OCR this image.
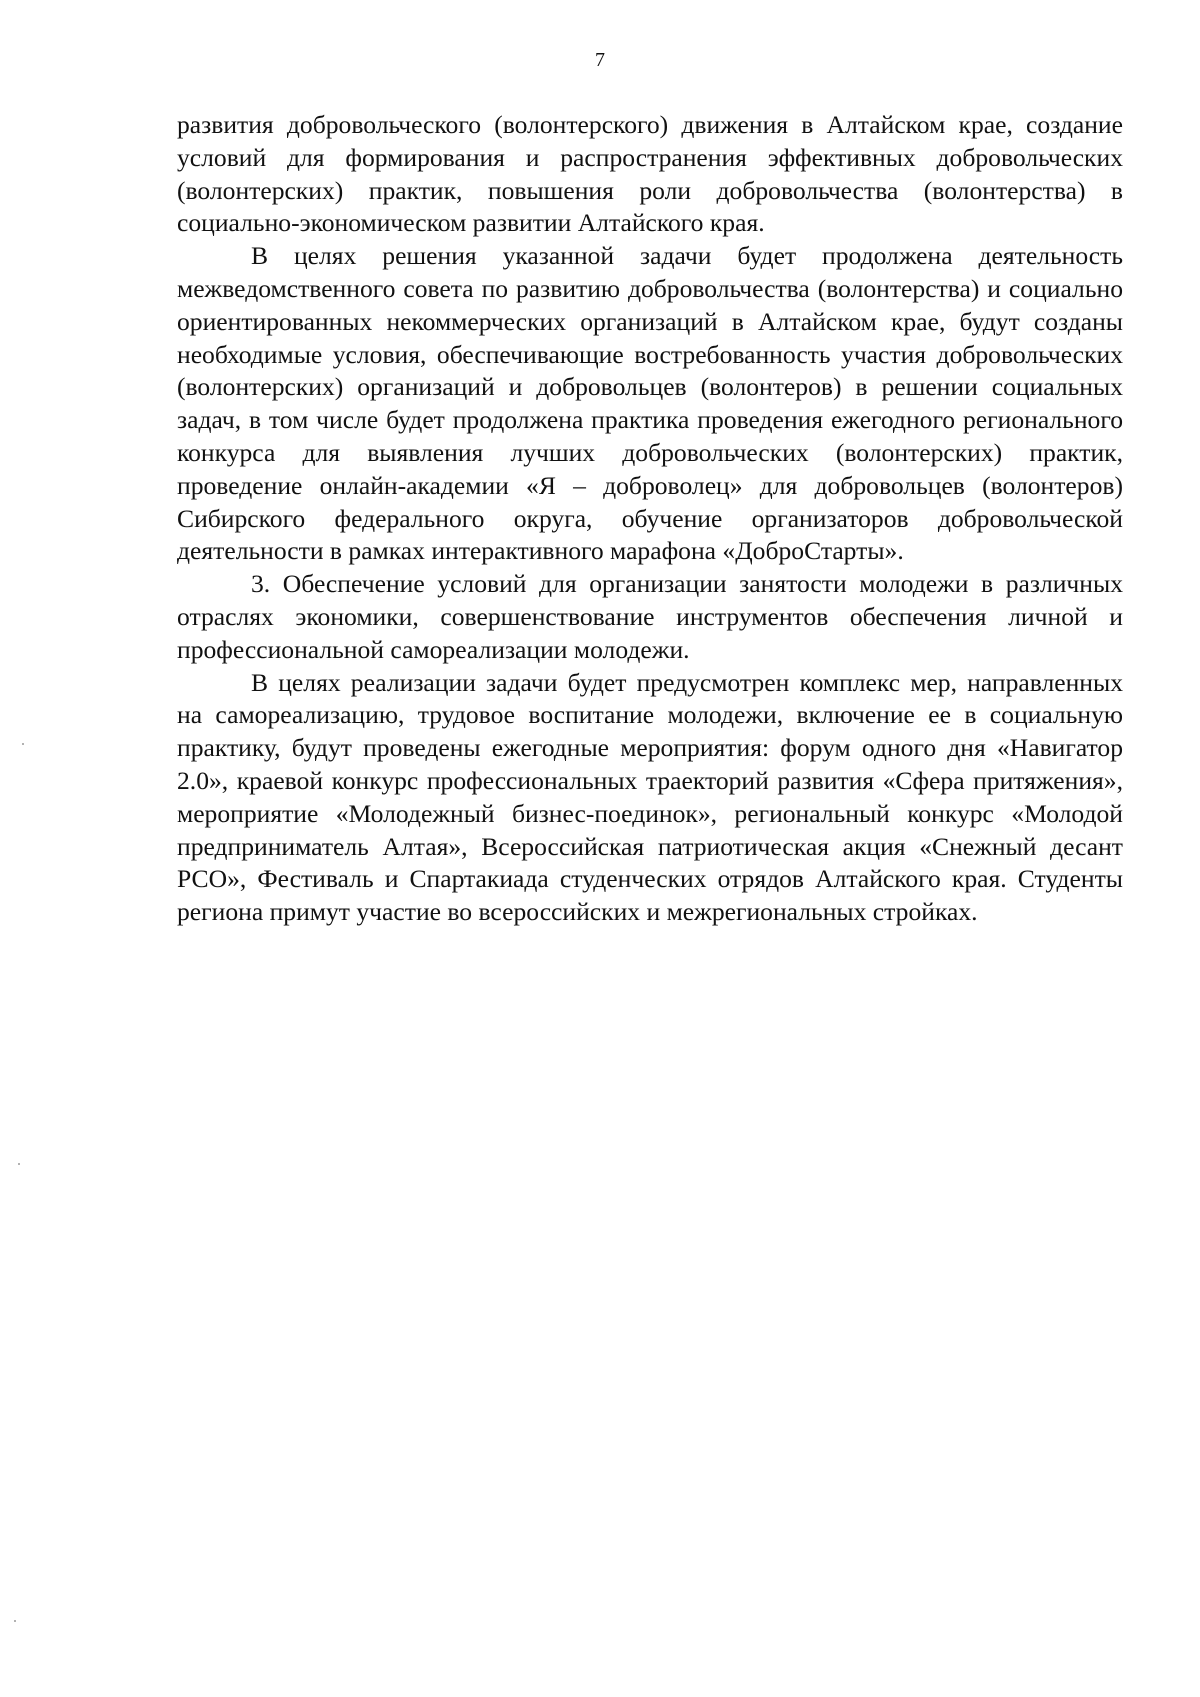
7

развития добровольческого (волонтерского) движения в Алтайском крае, создание условий для формирования и распространения эффективных добровольческих (волонтерских) практик, повышения роли добровольчества (волонтерства) в социально-экономическом развитии Алтайского края.

В целях решения указанной задачи будет продолжена деятельность межведомственного совета по развитию добровольчества (волонтерства) и социально ориентированных некоммерческих организаций в Алтайском крае, будут созданы необходимые условия, обеспечивающие востребованность участия добровольческих (волонтерских) организаций и добровольцев (волонтеров) в решении социальных задач, в том числе будет продолжена практика проведения ежегодного регионального конкурса для выявления лучших добровольческих (волонтерских) практик, проведение онлайн-академии «Я – доброволец» для добровольцев (волонтеров) Сибирского федерального округа, обучение организаторов добровольческой деятельности в рамках интерактивного марафона «ДоброСтарты».

3. Обеспечение условий для организации занятости молодежи в различных отраслях экономики, совершенствование инструментов обеспечения личной и профессиональной самореализации молодежи.

В целях реализации задачи будет предусмотрен комплекс мер, направленных на самореализацию, трудовое воспитание молодежи, включение ее в социальную практику, будут проведены ежегодные мероприятия: форум одного дня «Навигатор 2.0», краевой конкурс профессиональных траекторий развития «Сфера притяжения», мероприятие «Молодежный бизнес-поединок», региональный конкурс «Молодой предприниматель Алтая», Всероссийская патриотическая акция «Снежный десант РСО», Фестиваль и Спартакиада студенческих отрядов Алтайского края. Студенты региона примут участие во всероссийских и межрегиональных стройках.
